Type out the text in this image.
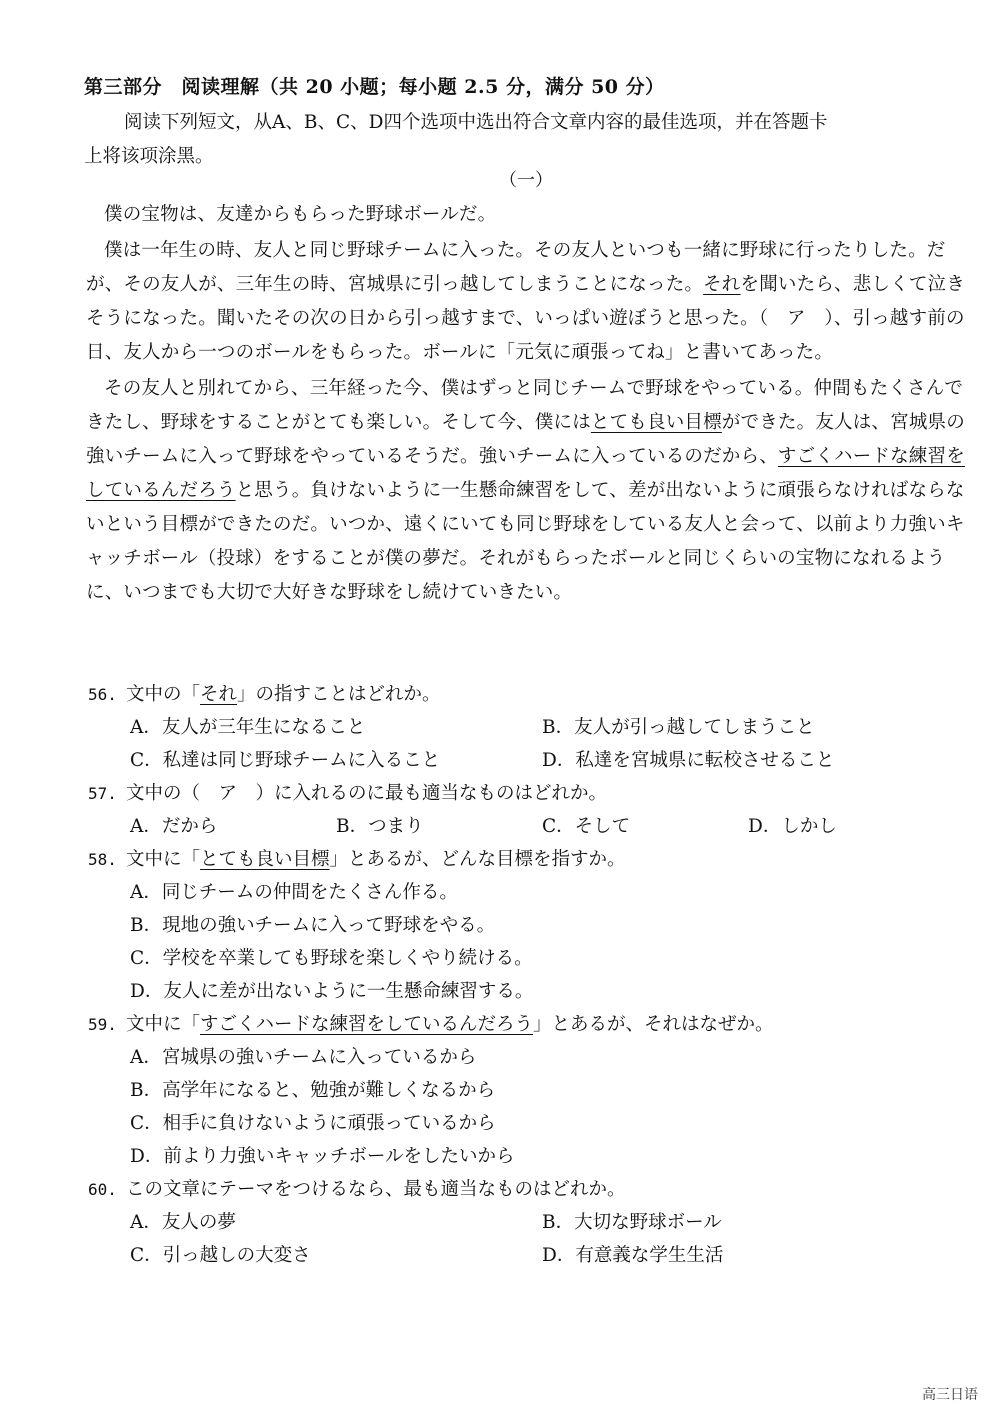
第三部分　阅读理解（共 20 小题；每小题 2.5 分，满分 50 分）
阅读下列短文，从A、B、C、D四个选项中选出符合文章内容的最佳选项，并在答题卡
上将该项涂黑。
（一）

僕の宝物は、友達からもらった野球ボールだ。

僕は一年生の時、友人と同じ野球チームに入った。その友人といつも一緒に野球に行ったりした。だが、その友人が、三年生の時、宮城県に引っ越してしまうことになった。それを聞いたら、悲しくて泣きそうになった。聞いたその次の日から引っ越すまで、いっぱい遊ぼうと思った。（　ア　）、引っ越す前の日、友人から一つのボールをもらった。ボールに「元気に頑張ってね」と書いてあった。

その友人と別れてから、三年経った今、僕はずっと同じチームで野球をやっている。仲間もたくさんできたし、野球をすることがとても楽しい。そして今、僕にはとても良い目標ができた。友人は、宮城県の強いチームに入って野球をやっているそうだ。強いチームに入っているのだから、すごくハードな練習をしているんだろうと思う。負けないように一生懸命練習をして、差が出ないように頑張らなければならないという目標ができたのだ。いつか、遠くにいても同じ野球をしている友人と会って、以前より力強いキャッチボール（投球）をすることが僕の夢だ。それがもらったボールと同じくらいの宝物になれるように、いつまでも大切で大好きな野球をし続けていきたい。

56. 文中の「それ」の指すことはどれか。
A．友人が三年生になること	B．友人が引っ越してしまうこと
C．私達は同じ野球チームに入ること	D．私達を宮城県に転校させること
57. 文中の（　ア　）に入れるのに最も適当なものはどれか。
A．だから	B．つまり	C．そして	D．しかし
58. 文中に「とても良い目標」とあるが、どんな目標を指すか。
A．同じチームの仲間をたくさん作る。
B．現地の強いチームに入って野球をやる。
C．学校を卒業しても野球を楽しくやり続ける。
D．友人に差が出ないように一生懸命練習する。
59. 文中に「すごくハードな練習をしているんだろう」とあるが、それはなぜか。
A．宮城県の強いチームに入っているから
B．高学年になると、勉強が難しくなるから
C．相手に負けないように頑張っているから
D．前より力強いキャッチボールをしたいから
60. この文章にテーマをつけるなら、最も適当なものはどれか。
A．友人の夢	B．大切な野球ボール
C．引っ越しの大変さ	D．有意義な学生生活
高三日语
